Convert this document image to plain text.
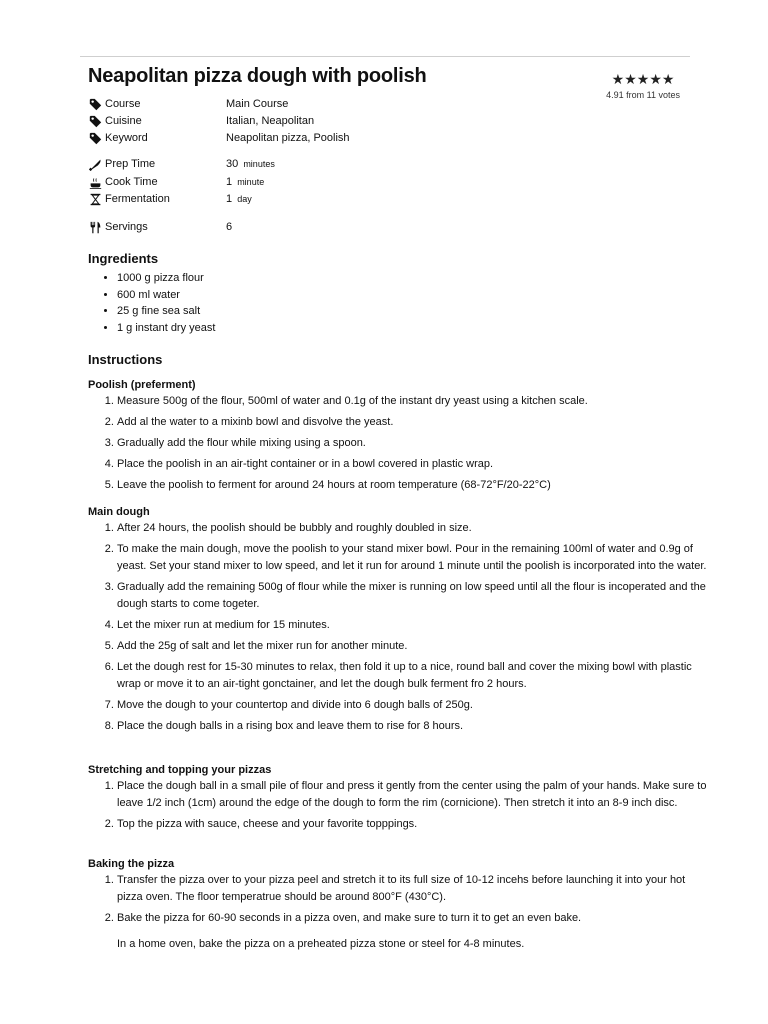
Neapolitan pizza dough with poolish	★★★★★
4.91 from 11 votes
Course	Main Course
Cuisine	Italian, Neapolitan
Keyword	Neapolitan pizza, Poolish
Prep Time	30 minutes
Cook Time	1 minute
Fermentation	1 day
Servings	6
Ingredients
• 1000 g pizza flour
• 600 ml water
• 25 g fine sea salt
• 1 g instant dry yeast
Instructions
Poolish (preferment)
1. Measure 500g of the flour, 500ml of water and 0.1g of the instant dry yeast using a kitchen scale.
2. Add al the water to a mixinb bowl and disvolve the yeast.
3. Gradually add the flour while mixing using a spoon.
4. Place the poolish in an air-tight container or in a bowl covered in plastic wrap.
5. Leave the poolish to ferment for around 24 hours at room temperature (68-72°F/20-22°C)
Main dough
1. After 24 hours, the poolish should be bubbly and roughly doubled in size.
2. To make the main dough, move the poolish to your stand mixer bowl. Pour in the remaining 100ml of water and 0.9g of yeast. Set your stand mixer to low speed, and let it run for around 1 minute until the poolish is incorporated into the water.
3. Gradually add the remaining 500g of flour while the mixer is running on low speed until all the flour is incoperated and the dough starts to come togeter.
4. Let the mixer run at medium for 15 minutes.
5. Add the 25g of salt and let the mixer run for another minute.
6. Let the dough rest for 15-30 minutes to relax, then fold it up to a nice, round ball and cover the mixing bowl with plastic wrap or move it to an air-tight gonctainer, and let the dough bulk ferment fro 2 hours.
7. Move the dough to your countertop and divide into 6 dough balls of 250g.
8. Place the dough balls in a rising box and leave them to rise for 8 hours.
Stretching and topping your pizzas
1. Place the dough ball in a small pile of flour and press it gently from the center using the palm of your hands. Make sure to leave 1/2 inch (1cm) around the edge of the dough to form the rim (cornicione). Then stretch it into an 8-9 inch disc.
2. Top the pizza with sauce, cheese and your favorite topppings.
Baking the pizza
1. Transfer the pizza over to your pizza peel and stretch it to its full size of 10-12 incehs before launching it into your hot pizza oven. The floor temperatrue should be around 800°F (430°C).
2. Bake the pizza for 60-90 seconds in a pizza oven, and make sure to turn it to get an even bake.

In a home oven, bake the pizza on a preheated pizza stone or steel for 4-8 minutes.
